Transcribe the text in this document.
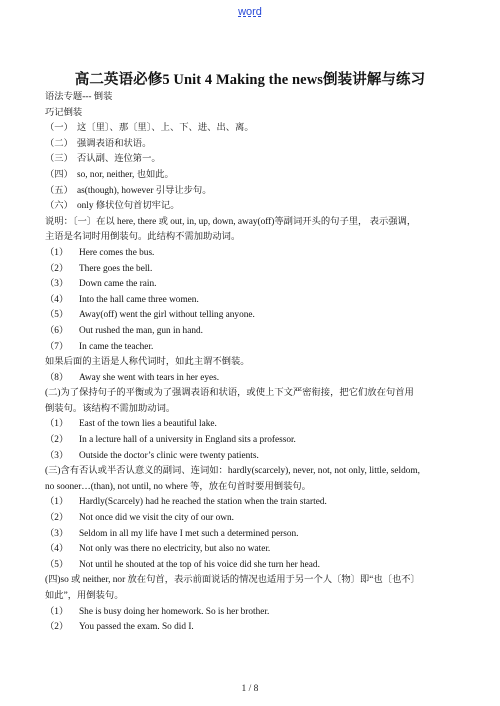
word
高二英语必修5 Unit 4 Making the news倒装讲解与练习
语法专题--- 倒装
巧记倒装
（一） 这〔里〕、那〔里〕、上、下、进、出、离。
（二） 强调表语和状语。
（三） 否认副、连位第一。
（四） so, nor, neither, 也如此。
（五） as(though), however 引导让步句。
（六） only 修状位句首切牢记。
说明：〔一〕在以 here, there 或 out, in, up, down, away(off)等副词开头的句子里， 表示强调，
主语是名词时用倒装句。此结构不需加助动词。
（1）	Here comes the bus.
（2）	There goes the bell.
（3）	Down came the rain.
（4）	Into the hall came three women.
（5）	Away(off) went the girl without telling anyone.
（6）	Out rushed the man, gun in hand.
（7）	In came the teacher.
如果后面的主语是人称代词时，如此主谓不倒装。
（8）	Away she went with tears in her eyes.
(二)为了保持句子的平衡或为了强调表语和状语，或使上下文严密衔接，把它们放在句首用
倒装句。该结构不需加助动词。
（1）	East of the town lies a beautiful lake.
（2）	In a lecture hall of a university in England sits a professor.
（3）	Outside the doctor’s clinic were twenty patients.
(三)含有否认或半否认意义的副词、连词如：hardly(scarcely), never, not, not only, little, seldom,
no sooner…(than), not until, no where 等，放在句首时要用倒装句。
（1）	Hardly(Scarcely) had he reached the station when the train started.
（2）	Not once did we visit the city of our own.
（3）	Seldom in all my life have I met such a determined person.
（4）	Not only was there no electricity, but also no water.
（5）	Not until he shouted at the top of his voice did she turn her head.
(四)so 或 neither, nor 放在句首，表示前面说话的情况也适用于另一个人〔物〕即“也〔也不〕
如此”，用倒装句。
（1）	She is busy doing her homework. So is her brother.
（2）	You passed the exam. So did I.
1 / 8
